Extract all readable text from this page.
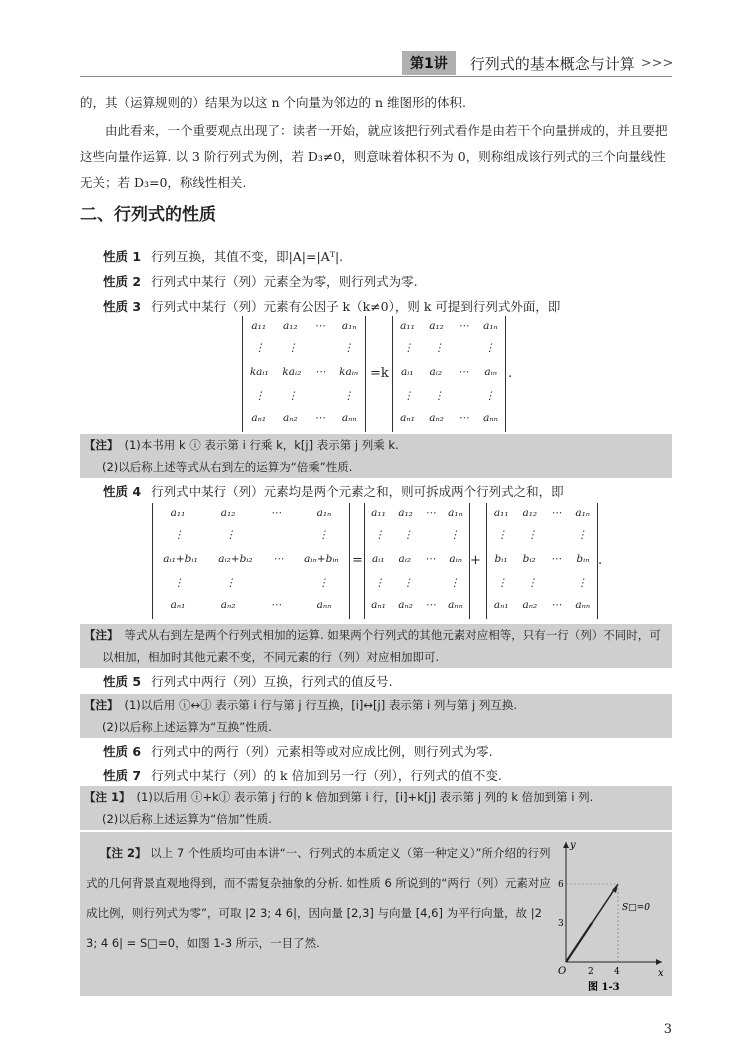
第1讲	行列式的基本概念与计算 >>>
的，其（运算规则的）结果为以这 n 个向量为邻边的 n 维图形的体积.
由此看来，一个重要观点出现了：读者一开始，就应该把行列式看作是由若干个向量拼成的，并且要把这些向量作运算. 以 3 阶行列式为例，若 D₃≠0，则意味着体积不为 0，则称组成该行列式的三个向量线性无关；若 D₃=0，称线性相关.
二、行列式的性质
性质 1 行列互换，其值不变，即|A|=|Aᵀ|.
性质 2 行列式中某行（列）元素全为零，则行列式为零.
性质 3 行列式中某行（列）元素有公因子 k（k≠0），则 k 可提到行列式外面，即
a₁₁ a₁₂ ⋯ a₁ₙ
⋮ ⋮	⋮
kaᵢ₁ kaᵢ₂ ⋯ kaᵢₙ
⋮ ⋮	⋮
aₙ₁ aₙ₂ ⋯ aₙₙ
=k
a₁₁ a₁₂ ⋯ a₁ₙ
⋮ ⋮	⋮
aᵢ₁ aᵢ₂ ⋯ aᵢₙ
⋮ ⋮	⋮
aₙ₁ aₙ₂ ⋯ aₙₙ
.
【注】 (1)本书用 k ⓘ 表示第 i 行乘 k，k[j] 表示第 j 列乘 k.
(2)以后称上述等式从右到左的运算为“倍乘”性质.
性质 4 行列式中某行（列）元素均是两个元素之和，则可拆成两个行列式之和，即
a₁₁	a₁₂	⋯	a₁ₙ
⋮	⋮	⋮
aᵢ₁+bᵢ₁ aᵢ₂+bᵢ₂ ⋯ aᵢₙ+bᵢₙ
⋮	⋮	⋮
aₙ₁	aₙ₂	⋯	aₙₙ
=
a₁₁ a₁₂ ⋯ a₁ₙ
⋮ ⋮	⋮
aᵢ₁ aᵢ₂ ⋯ aᵢₙ
⋮ ⋮	⋮
aₙ₁ aₙ₂ ⋯ aₙₙ
+
a₁₁ a₁₂ ⋯ a₁ₙ
⋮ ⋮	⋮
bᵢ₁ bᵢ₂ ⋯ bᵢₙ
⋮ ⋮	⋮
aₙ₁ aₙ₂ ⋯ aₙₙ
.
【注】 等式从右到左是两个行列式相加的运算. 如果两个行列式的其他元素对应相等，只有一行（列）不同时，可以相加，相加时其他元素不变，不同元素的行（列）对应相加即可.
性质 5 行列式中两行（列）互换，行列式的值反号.
【注】 (1)以后用 ⓘ↔ⓙ 表示第 i 行与第 j 行互换，[i]↔[j] 表示第 i 列与第 j 列互换.
(2)以后称上述运算为“互换”性质.
性质 6 行列式中的两行（列）元素相等或对应成比例，则行列式为零.
性质 7 行列式中某行（列）的 k 倍加到另一行（列），行列式的值不变.
【注 1】 (1)以后用 ⓘ+kⓙ 表示第 j 行的 k 倍加到第 i 行，[i]+k[j] 表示第 j 列的 k 倍加到第 i 列.
(2)以后称上述运算为“倍加”性质.
【注 2】 以上 7 个性质均可由本讲“一、行列式的本质定义（第一种定义）”所介绍的行列式的几何背景直观地得到，而不需复杂抽象的分析. 如性质 6 所说到的“两行（列）元素对应成比例，则行列式为零”，可取 |2 3; 4 6|，因向量 [2,3] 与向量 [4,6] 为平行向量，故 |2 3; 4 6| = S□=0，如图 1-3 所示，一目了然.
y
x
O
6
3
2 4
S□=0
图 1-3
3
